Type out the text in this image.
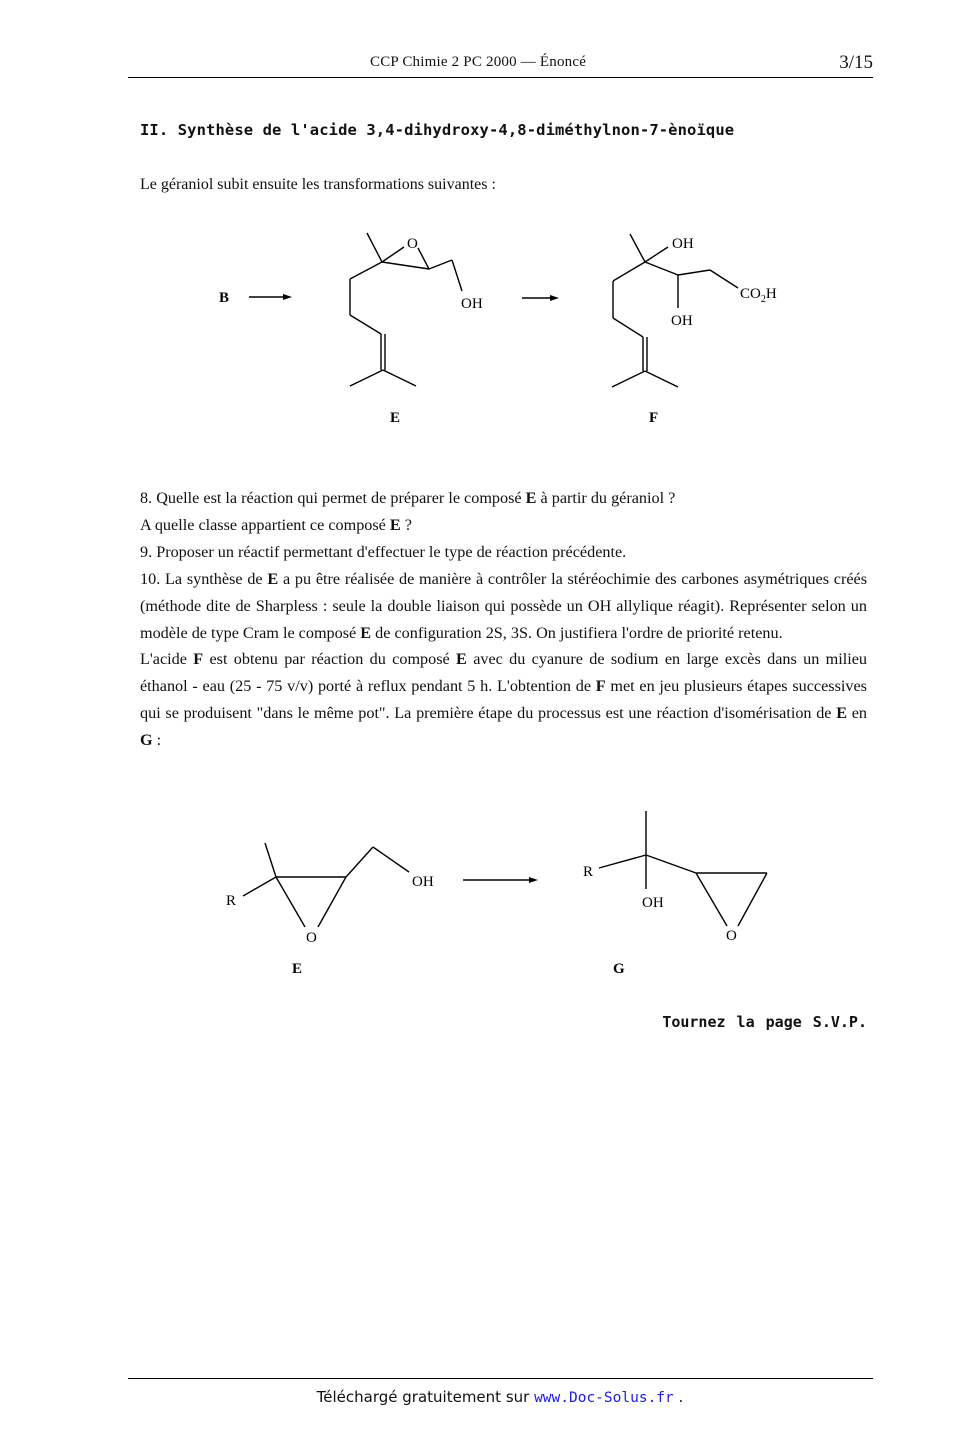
CCP Chimie 2 PC 2000 — Énoncé	3/15
II. Synthèse de l'acide 3,4-dihydroxy-4,8-diméthylnon-7-ènoïque
Le géraniol subit ensuite les transformations suivantes :
B
O
OH
E
OH
OH
$CO_2H$
F

8. Quelle est la réaction qui permet de préparer le composé E à partir du géraniol ?

A quelle classe appartient ce composé E ?

9. Proposer un réactif permettant d'effectuer le type de réaction précédente.

10. La synthèse de E a pu être réalisée de manière à contrôler la stéréochimie des carbones asymétriques créés (méthode dite de Sharpless : seule la double liaison qui possède un OH allylique réagit). Représenter selon un modèle de type Cram le composé E de configuration 2S, 3S. On justifiera l'ordre de priorité retenu.

L'acide F est obtenu par réaction du composé E avec du cyanure de sodium en large excès dans un milieu éthanol - eau (25 - 75 v/v) porté à reflux pendant 5 h. L'obtention de F met en jeu plusieurs étapes successives qui se produisent "dans le même pot". La première étape du processus est une réaction d'isomérisation de E en G :

R
O
OH
E
R
OH
O
G
Tournez la page S.V.P.
Téléchargé gratuitement sur www.Doc-Solus.fr .
